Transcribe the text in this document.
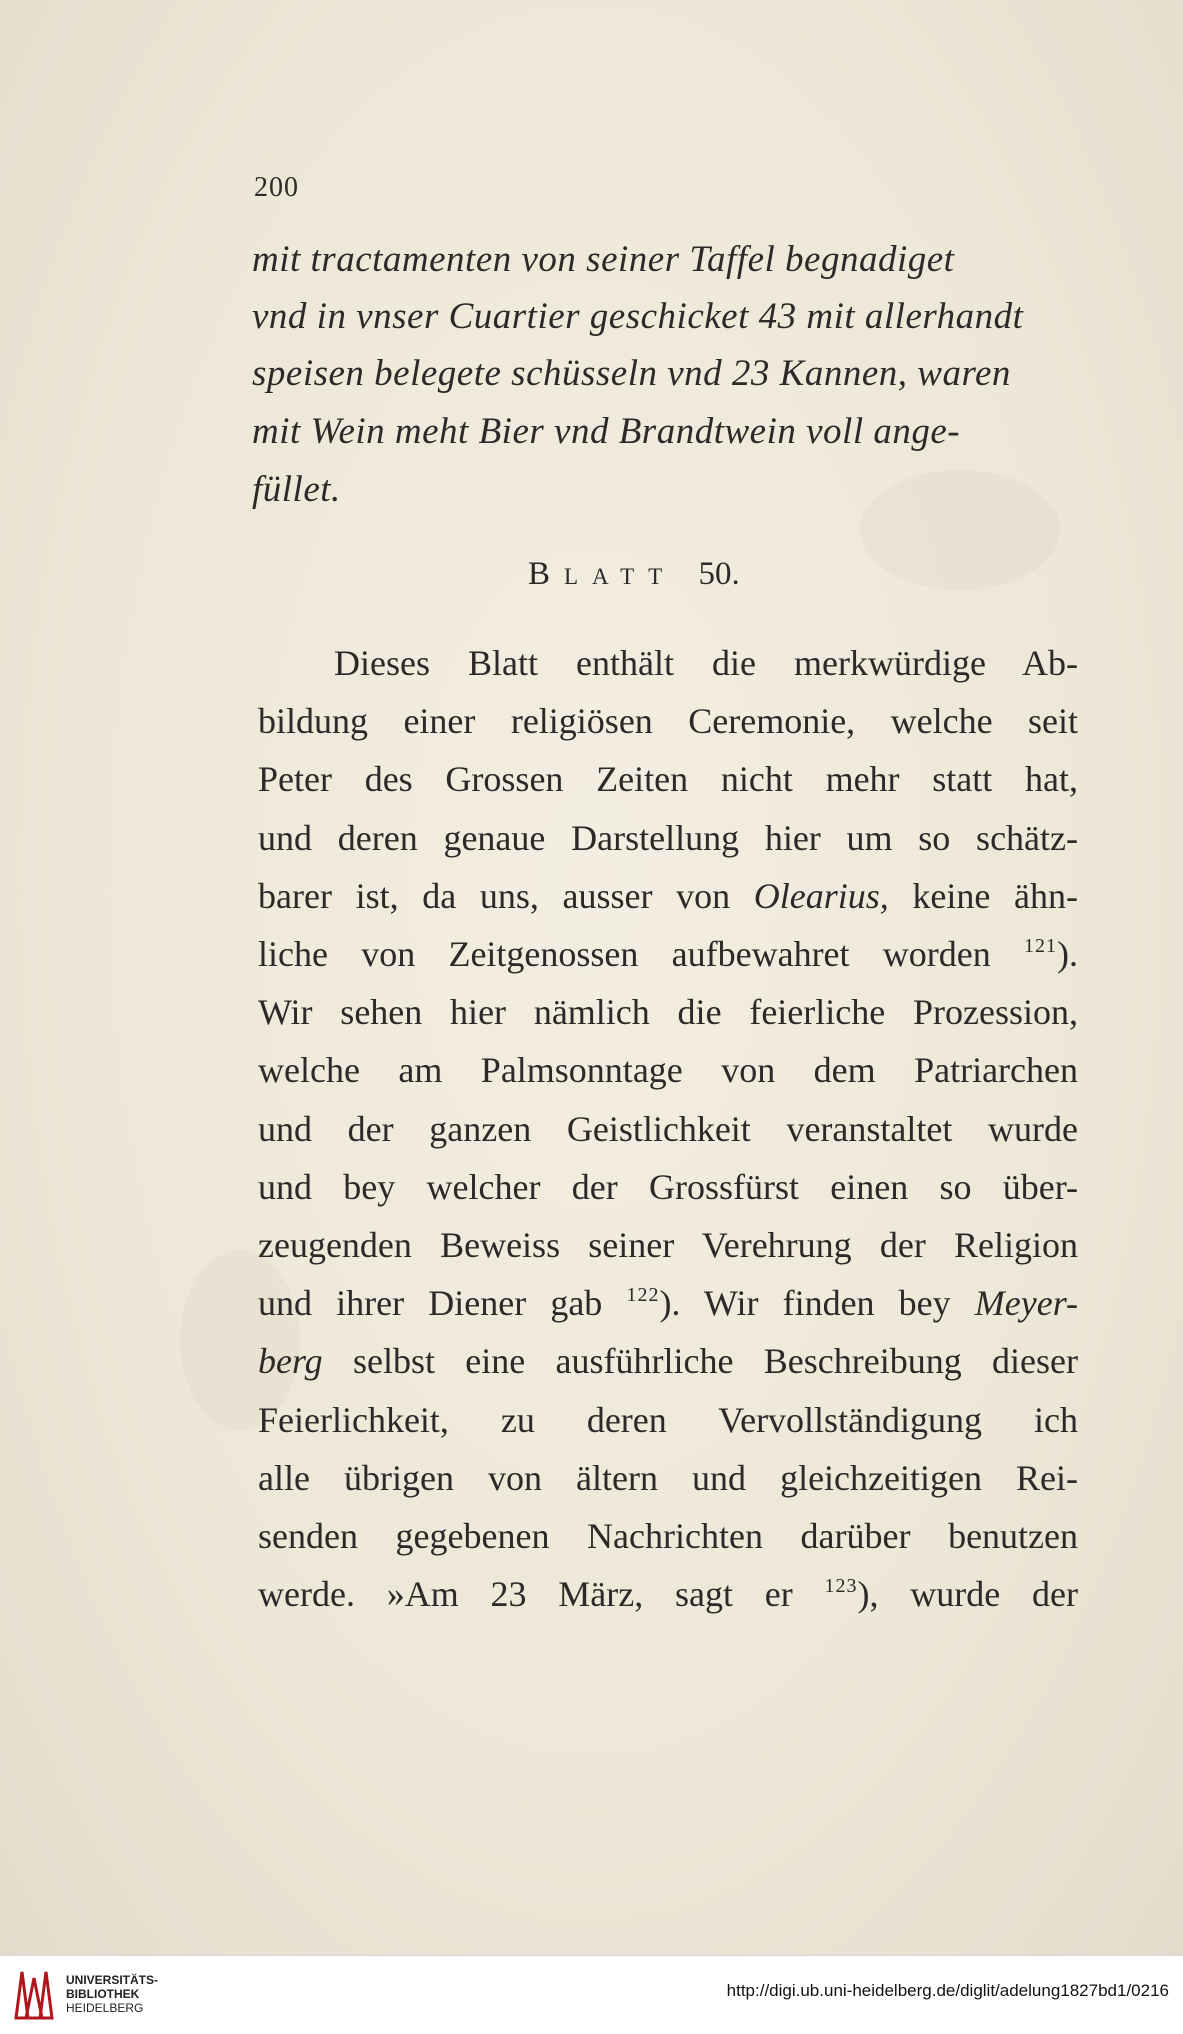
200
mit tractamenten von seiner Taffel begnadiget
vnd in vnser Cuartier geschicket 43 mit allerhandt
speisen belegete schüsseln vnd 23 Kannen, waren
mit Wein meht Bier vnd Brandtwein voll ange-
füllet.
Blatt 50.
Dieses Blatt enthält die merkwürdige Ab-
bildung einer religiösen Ceremonie, welche seit
Peter des Grossen Zeiten nicht mehr statt hat,
und deren genaue Darstellung hier um so schätz-
barer ist, da uns, ausser von Olearius, keine ähn-
liche von Zeitgenossen aufbewahret worden $^{121}$).
Wir sehen hier nämlich die feierliche Prozession,
welche am Palmsonntage von dem Patriarchen
und der ganzen Geistlichkeit veranstaltet wurde
und bey welcher der Grossfürst einen so über-
zeugenden Beweiss seiner Verehrung der Religion
und ihrer Diener gab $^{122}$). Wir finden bey Meyer-
berg selbst eine ausführliche Beschreibung dieser
Feierlichkeit, zu deren Vervollständigung ich
alle übrigen von ältern und gleichzeitigen Rei-
senden gegebenen Nachrichten darüber benutzen
werde. »Am 23 März, sagt er $^{123}$), wurde der
UNIVERSITÄTS-
BIBLIOTHEK
HEIDELBERG
http://digi.ub.uni-heidelberg.de/diglit/adelung1827bd1/0216
